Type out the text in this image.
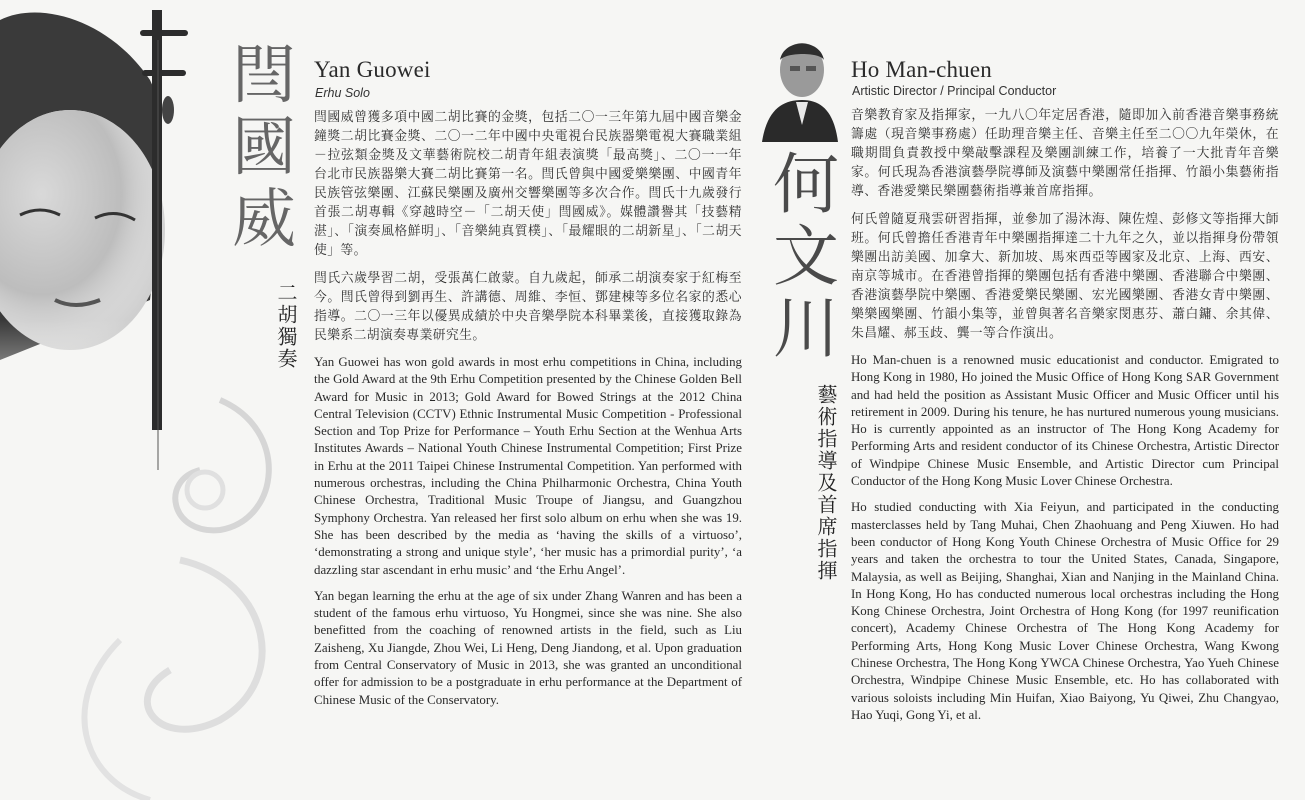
閆
國
威
二胡獨奏
Yan Guowei
Erhu Solo

閆國威曾獲多項中國二胡比賽的金獎，包括二〇一三年第九屆中國音樂金鐘獎二胡比賽金獎、二〇一二年中國中央電視台民族器樂電視大賽職業組－拉弦類金獎及文華藝術院校二胡青年組表演獎「最高獎」、二〇一一年台北市民族器樂大賽二胡比賽第一名。閆氏曾與中國愛樂樂團、中國青年民族管弦樂團、江蘇民樂團及廣州交響樂團等多次合作。閆氏十九歲發行首張二胡專輯《穿越時空－「二胡天使」閆國威》。媒體讚譽其「技藝精湛」、「演奏風格鮮明」、「音樂純真質樸」、「最耀眼的二胡新星」、「二胡天使」等。

閆氏六歲學習二胡，受張萬仁啟蒙。自九歲起，師承二胡演奏家于紅梅至今。閆氏曾得到劉再生、許講德、周維、李恒、鄧建棟等多位名家的悉心指導。二〇一三年以優異成績於中央音樂學院本科畢業後，直接獲取錄為民樂系二胡演奏專業研究生。

Yan Guowei has won gold awards in most erhu competitions in China, including the Gold Award at the 9th Erhu Competition presented by the Chinese Golden Bell Award for Music in 2013; Gold Award for Bowed Strings at the 2012 China Central Television (CCTV) Ethnic Instrumental Music Competition - Professional Section and Top Prize for Performance – Youth Erhu Section at the Wenhua Arts Institutes Awards – National Youth Chinese Instrumental Competition; First Prize in Erhu at the 2011 Taipei Chinese Instrumental Competition. Yan performed with numerous orchestras, including the China Philharmonic Orchestra, China Youth Chinese Orchestra, Traditional Music Troupe of Jiangsu, and Guangzhou Symphony Orchestra. Yan released her first solo album on erhu when she was 19. She has been described by the media as ‘having the skills of a virtuoso’, ‘demonstrating a strong and unique style’, ‘her music has a primordial purity’, ‘a dazzling star ascendant in erhu music’ and ‘the Erhu Angel’.

Yan began learning the erhu at the age of six under Zhang Wanren and has been a student of the famous erhu virtuoso, Yu Hongmei, since she was nine. She also benefitted from the coaching of renowned artists in the field, such as Liu Zaisheng, Xu Jiangde, Zhou Wei, Li Heng, Deng Jiandong, et al. Upon graduation from Central Conservatory of Music in 2013, she was granted an unconditional offer for admission to be a postgraduate in erhu performance at the Department of Chinese Music of the Conservatory.

何
文
川
藝術指導及首席指揮
Ho Man-chuen
Artistic Director / Principal Conductor

音樂教育家及指揮家，一九八〇年定居香港，隨即加入前香港音樂事務統籌處（現音樂事務處）任助理音樂主任、音樂主任至二〇〇九年榮休，在職期間負責教授中樂敲擊課程及樂團訓練工作，培養了一大批青年音樂家。何氏現為香港演藝學院導師及演藝中樂團常任指揮、竹韻小集藝術指導、香港愛樂民樂團藝術指導兼首席指揮。

何氏曾隨夏飛雲研習指揮，並參加了湯沐海、陳佐煌、彭修文等指揮大師班。何氏曾擔任香港青年中樂團指揮達二十九年之久，並以指揮身份帶領樂團出訪美國、加拿大、新加坡、馬來西亞等國家及北京、上海、西安、南京等城市。在香港曾指揮的樂團包括有香港中樂團、香港聯合中樂團、香港演藝學院中樂團、香港愛樂民樂團、宏光國樂團、香港女青中樂團、樂樂國樂團、竹韻小集等，並曾與著名音樂家閔惠芬、蕭白鏞、余其偉、朱昌耀、郝玉歧、龔一等合作演出。

Ho Man-chuen is a renowned music educationist and conductor. Emigrated to Hong Kong in 1980, Ho joined the Music Office of Hong Kong SAR Government and had held the position as Assistant Music Officer and Music Officer until his retirement in 2009. During his tenure, he has nurtured numerous young musicians. Ho is currently appointed as an instructor of The Hong Kong Academy for Performing Arts and resident conductor of its Chinese Orchestra, Artistic Director of Windpipe Chinese Music Ensemble, and Artistic Director cum Principal Conductor of the Hong Kong Music Lover Chinese Orchestra.

Ho studied conducting with Xia Feiyun, and participated in the conducting masterclasses held by Tang Muhai, Chen Zhaohuang and Peng Xiuwen. Ho had been conductor of Hong Kong Youth Chinese Orchestra of Music Office for 29 years and taken the orchestra to tour the United States, Canada, Singapore, Malaysia, as well as Beijing, Shanghai, Xian and Nanjing in the Mainland China. In Hong Kong, Ho has conducted numerous local orchestras including the Hong Kong Chinese Orchestra, Joint Orchestra of Hong Kong (for 1997 reunification concert), Academy Chinese Orchestra of The Hong Kong Academy for Performing Arts, Hong Kong Music Lover Chinese Orchestra, Wang Kwong Chinese Orchestra, The Hong Kong YWCA Chinese Orchestra, Yao Yueh Chinese Orchestra, Windpipe Chinese Music Ensemble, etc. Ho has collaborated with various soloists including Min Huifan, Xiao Baiyong, Yu Qiwei, Zhu Changyao, Hao Yuqi, Gong Yi, et al.
